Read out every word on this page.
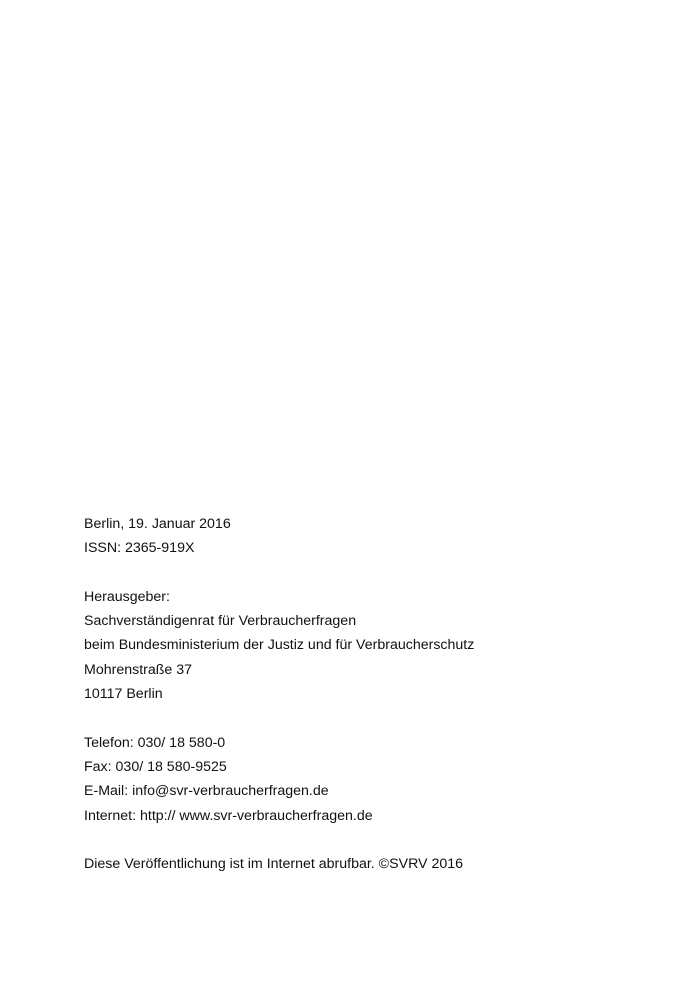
Berlin, 19. Januar 2016
ISSN: 2365-919X
Herausgeber:
Sachverständigenrat für Verbraucherfragen
beim Bundesministerium der Justiz und für Verbraucherschutz
Mohrenstraße 37
10117 Berlin
Telefon: 030/ 18 580-0
Fax: 030/ 18 580-9525
E-Mail: info@svr-verbraucherfragen.de
Internet: http:// www.svr-verbraucherfragen.de
Diese Veröffentlichung ist im Internet abrufbar. ©SVRV 2016
